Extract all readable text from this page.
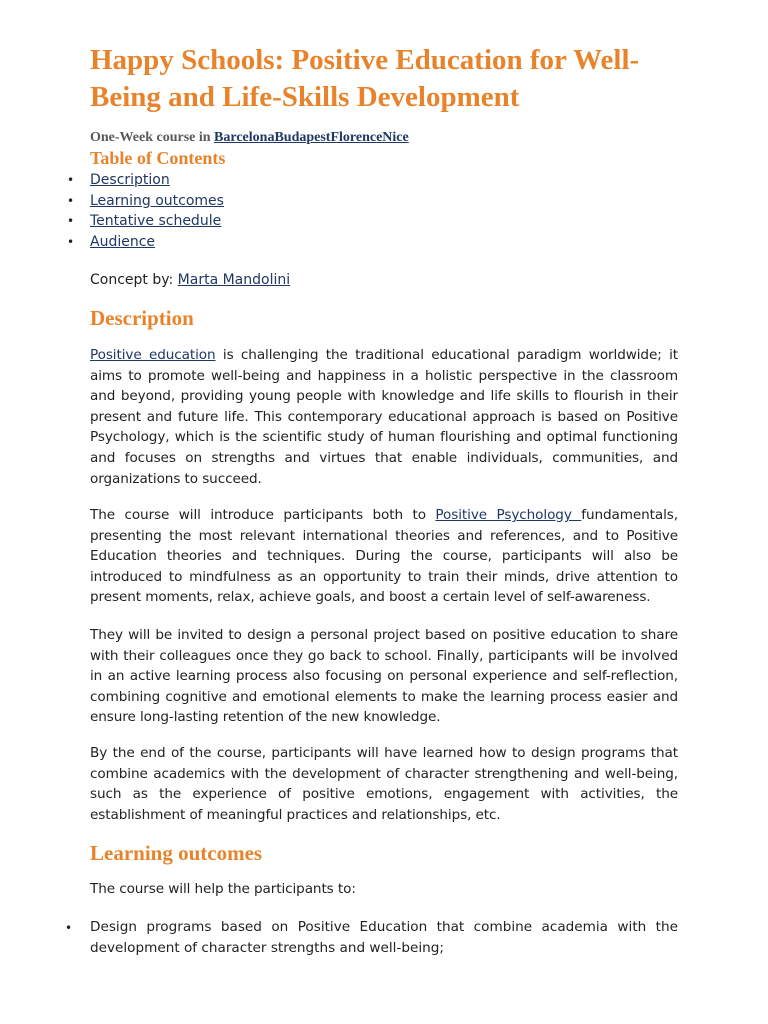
Happy Schools: Positive Education for Well-Being and Life-Skills Development
One-Week course in BarcelonaBudapestFlorenceNice
Table of Contents
• Description
• Learning outcomes
• Tentative schedule
• Audience
Concept by: Marta Mandolini
Description

Positive education is challenging the traditional educational paradigm worldwide; it aims to promote well-being and happiness in a holistic perspective in the classroom and beyond, providing young people with knowledge and life skills to flourish in their present and future life. This contemporary educational approach is based on Positive Psychology, which is the scientific study of human flourishing and optimal functioning and focuses on strengths and virtues that enable individuals, communities, and organizations to succeed.

The course will introduce participants both to Positive Psychology fundamentals, presenting the most relevant international theories and references, and to Positive Education theories and techniques. During the course, participants will also be introduced to mindfulness as an opportunity to train their minds, drive attention to present moments, relax, achieve goals, and boost a certain level of self-awareness.

They will be invited to design a personal project based on positive education to share with their colleagues once they go back to school. Finally, participants will be involved in an active learning process also focusing on personal experience and self-reflection, combining cognitive and emotional elements to make the learning process easier and ensure long-lasting retention of the new knowledge.

By the end of the course, participants will have learned how to design programs that combine academics with the development of character strengthening and well-being, such as the experience of positive emotions, engagement with activities, the establishment of meaningful practices and relationships, etc.

Learning outcomes

The course will help the participants to:

• Design programs based on Positive Education that combine academia with the development of character strengths and well-being;
